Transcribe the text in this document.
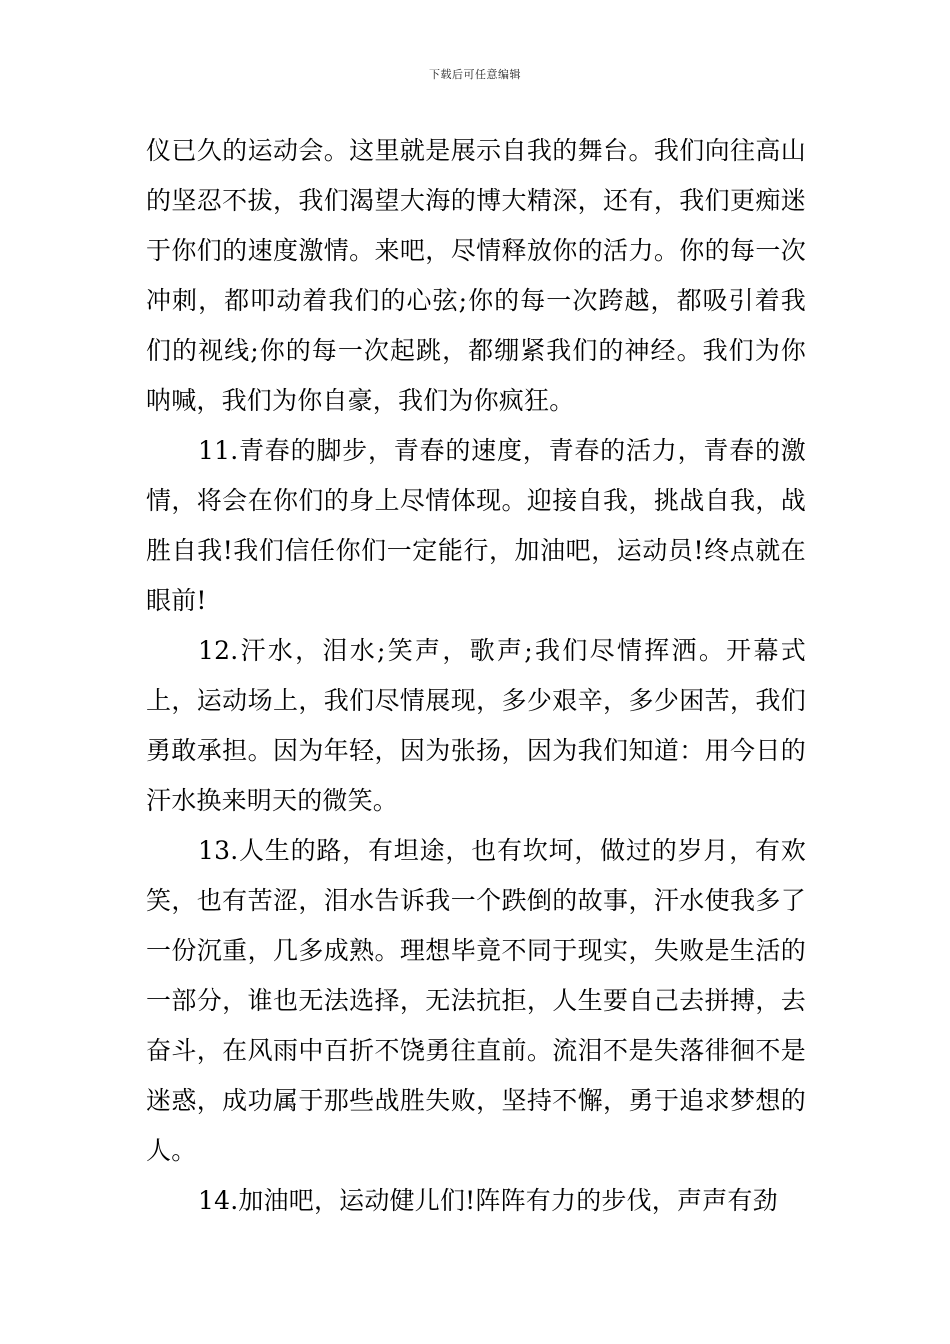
下载后可任意编辑

仪已久的运动会。这里就是展示自我的舞台。我们向往高山的坚忍不拔，我们渴望大海的博大精深，还有，我们更痴迷于你们的速度激情。来吧，尽情释放你的活力。你的每一次冲刺，都叩动着我们的心弦;你的每一次跨越，都吸引着我们的视线;你的每一次起跳，都绷紧我们的神经。我们为你呐喊，我们为你自豪，我们为你疯狂。

11.青春的脚步，青春的速度，青春的活力，青春的激情，将会在你们的身上尽情体现。迎接自我，挑战自我，战胜自我!我们信任你们一定能行，加油吧，运动员!终点就在眼前!

12.汗水，泪水;笑声，歌声;我们尽情挥洒。开幕式上，运动场上，我们尽情展现，多少艰辛，多少困苦，我们勇敢承担。因为年轻，因为张扬，因为我们知道：用今日的汗水换来明天的微笑。

13.人生的路，有坦途，也有坎坷，做过的岁月，有欢笑，也有苦涩，泪水告诉我一个跌倒的故事，汗水使我多了一份沉重，几多成熟。理想毕竟不同于现实，失败是生活的一部分，谁也无法选择，无法抗拒，人生要自己去拼搏，去奋斗，在风雨中百折不饶勇往直前。流泪不是失落徘徊不是迷惑，成功属于那些战胜失败，坚持不懈，勇于追求梦想的人。

14.加油吧，运动健儿们!阵阵有力的步伐，声声有劲
